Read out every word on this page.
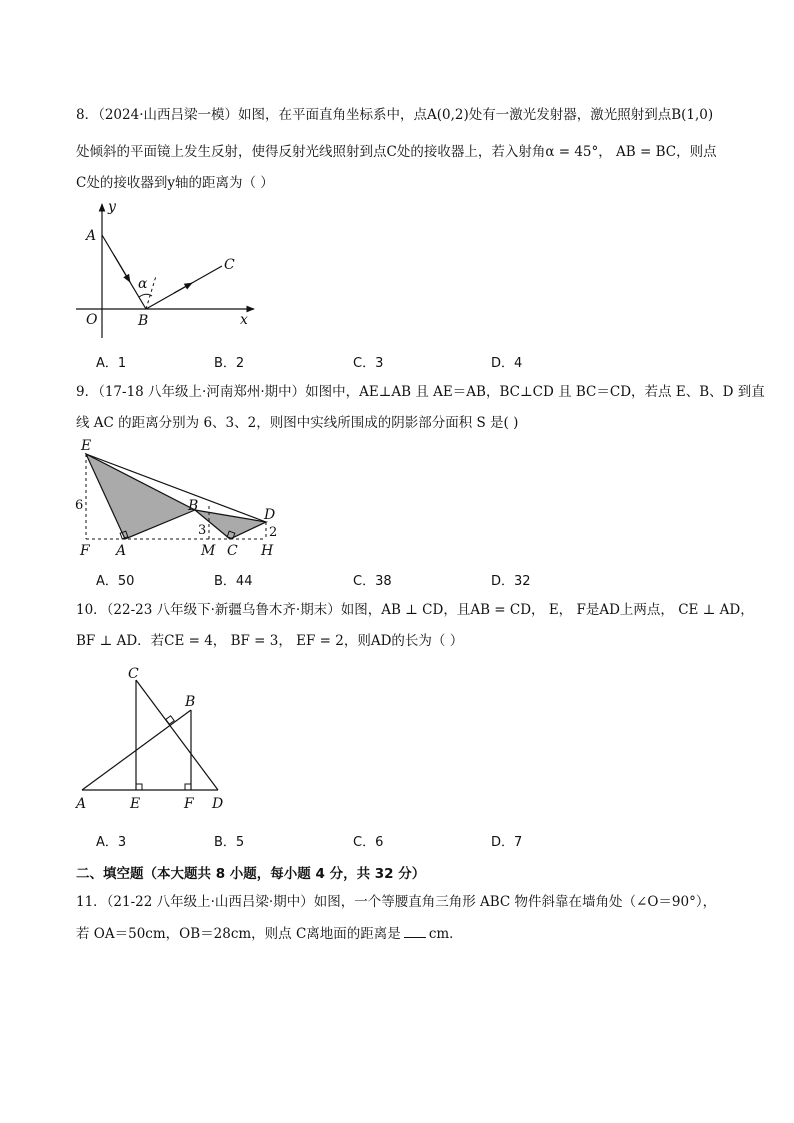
8．（2024·山西吕梁一模）如图，在平面直角坐标系中，点A(0,2)处有一激光发射器，激光照射到点B(1,0)
处倾斜的平面镜上发生反射，使得反射光线照射到点C处的接收器上，若入射角α = 45°， AB = BC，则点
C处的接收器到y轴的距离为（ ）
y
A
α
C
O	B	x
A．1	B．2	C．3	D．4
9．（17-18 八年级上·河南郑州·期中）如图中，AE⊥AB 且 AE＝AB，BC⊥CD 且 BC＝CD，若点 E、B、D 到直
线 AC 的距离分别为 6、3、2，则图中实线所围成的阴影部分面积 S 是( )
E
B
D
6
3	2
F A	M C H
A．50	B．44	C．38	D．32
10．（22-23 八年级下·新疆乌鲁木齐·期末）如图，AB ⊥ CD，且AB = CD， E， F是AD上两点， CE ⊥ AD，
BF ⊥ AD．若CE = 4， BF = 3， EF = 2，则AD的长为（ ）
C
B
A	E	F D
A．3	B．5	C．6	D．7
二、填空题（本大题共 8 小题，每小题 4 分，共 32 分）
11．（21-22 八年级上·山西吕梁·期中）如图，一个等腰直角三角形 ABC 物件斜靠在墙角处（∠O＝90°），
若 OA＝50cm，OB＝28cm，则点 C离地面的距离是 cm．
